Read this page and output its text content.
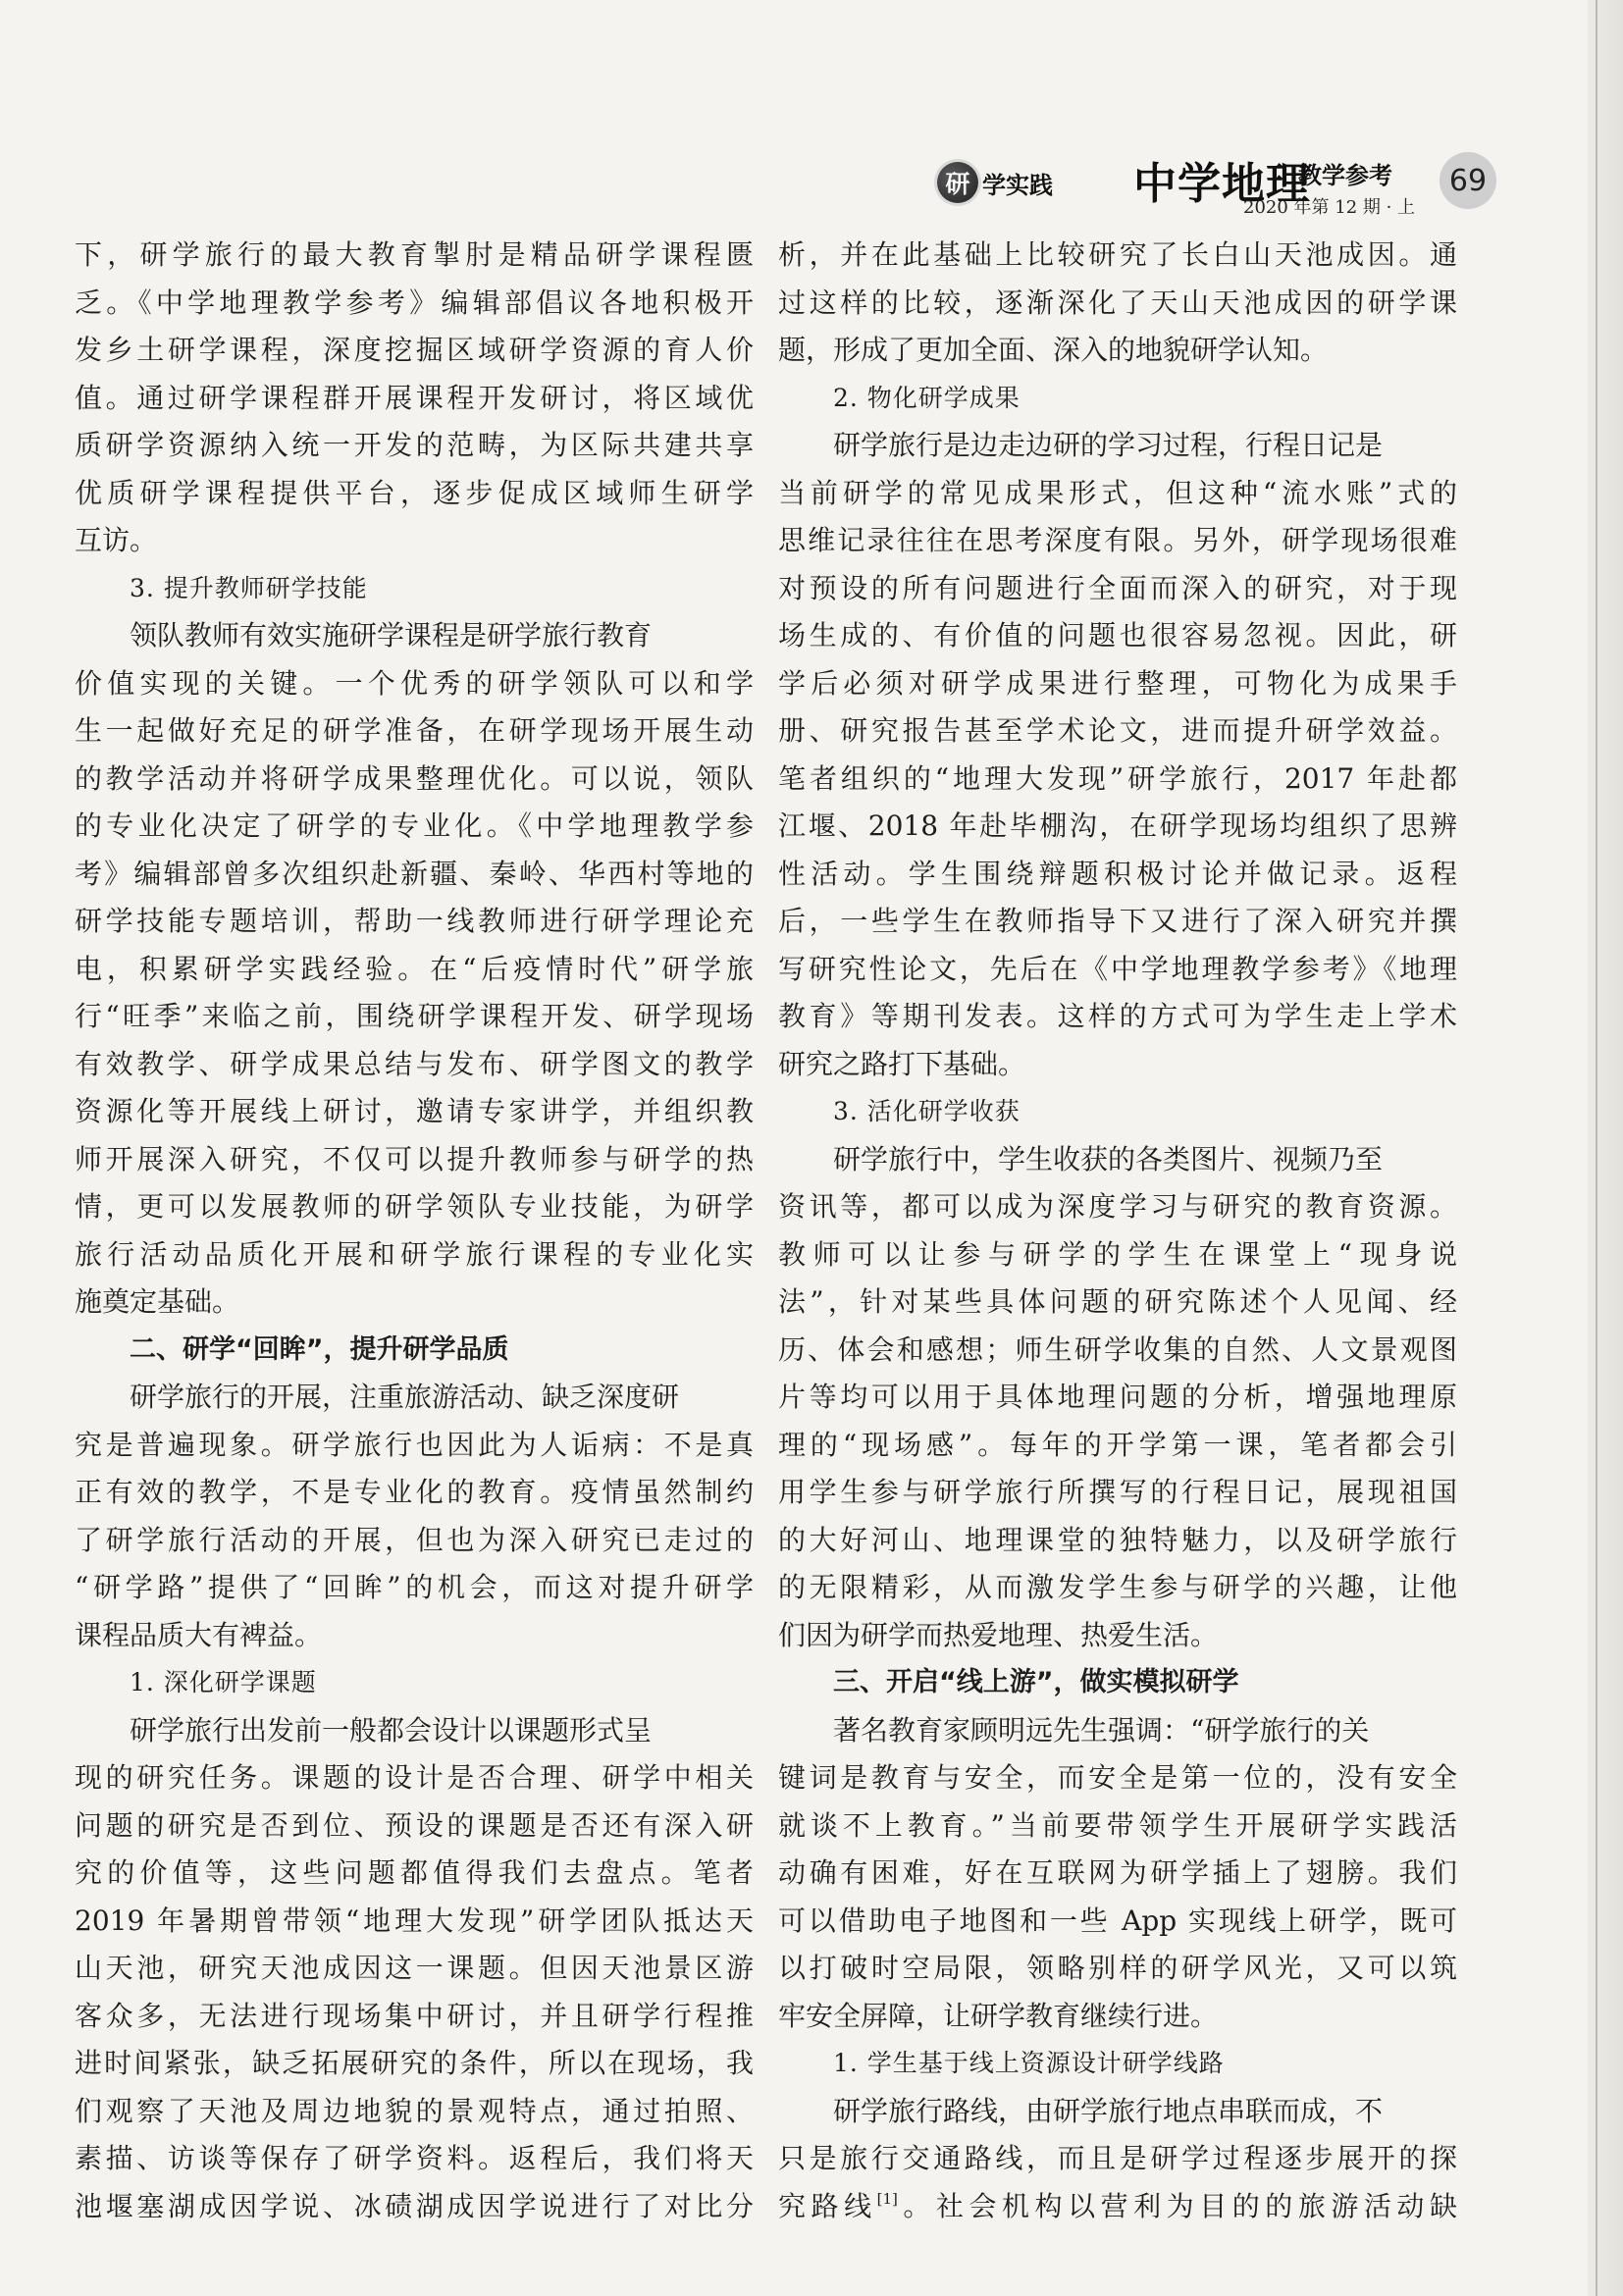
研 学实践 中学地理
教学参考
2020 年第 12 期 · 上
69
下，研学旅行的最大教育掣肘是精品研学课程匮
乏。《中学地理教学参考》编辑部倡议各地积极开
发乡土研学课程，深度挖掘区域研学资源的育人价
值。通过研学课程群开展课程开发研讨，将区域优
质研学资源纳入统一开发的范畴，为区际共建共享
优质研学课程提供平台，逐步促成区域师生研学
互访。
3. 提升教师研学技能
领队教师有效实施研学课程是研学旅行教育
价值实现的关键。一个优秀的研学领队可以和学
生一起做好充足的研学准备，在研学现场开展生动
的教学活动并将研学成果整理优化。可以说，领队
的专业化决定了研学的专业化。《中学地理教学参
考》编辑部曾多次组织赴新疆、秦岭、华西村等地的
研学技能专题培训，帮助一线教师进行研学理论充
电，积累研学实践经验。在“后疫情时代”研学旅
行“旺季”来临之前，围绕研学课程开发、研学现场
有效教学、研学成果总结与发布、研学图文的教学
资源化等开展线上研讨，邀请专家讲学，并组织教
师开展深入研究，不仅可以提升教师参与研学的热
情，更可以发展教师的研学领队专业技能，为研学
旅行活动品质化开展和研学旅行课程的专业化实
施奠定基础。
二、研学“回眸”，提升研学品质
研学旅行的开展，注重旅游活动、缺乏深度研
究是普遍现象。研学旅行也因此为人诟病：不是真
正有效的教学，不是专业化的教育。疫情虽然制约
了研学旅行活动的开展，但也为深入研究已走过的
“研学路”提供了“回眸”的机会，而这对提升研学
课程品质大有裨益。
1. 深化研学课题
研学旅行出发前一般都会设计以课题形式呈
现的研究任务。课题的设计是否合理、研学中相关
问题的研究是否到位、预设的课题是否还有深入研
究的价值等，这些问题都值得我们去盘点。笔者
2019 年暑期曾带领“地理大发现”研学团队抵达天
山天池，研究天池成因这一课题。但因天池景区游
客众多，无法进行现场集中研讨，并且研学行程推
进时间紧张，缺乏拓展研究的条件，所以在现场，我
们观察了天池及周边地貌的景观特点，通过拍照、
素描、访谈等保存了研学资料。返程后，我们将天
池堰塞湖成因学说、冰碛湖成因学说进行了对比分
析，并在此基础上比较研究了长白山天池成因。通
过这样的比较，逐渐深化了天山天池成因的研学课
题，形成了更加全面、深入的地貌研学认知。
2. 物化研学成果
研学旅行是边走边研的学习过程，行程日记是
当前研学的常见成果形式，但这种“流水账”式的
思维记录往往在思考深度有限。另外，研学现场很难
对预设的所有问题进行全面而深入的研究，对于现
场生成的、有价值的问题也很容易忽视。因此，研
学后必须对研学成果进行整理，可物化为成果手
册、研究报告甚至学术论文，进而提升研学效益。
笔者组织的“地理大发现”研学旅行，2017 年赴都
江堰、2018 年赴毕棚沟，在研学现场均组织了思辨
性活动。学生围绕辩题积极讨论并做记录。返程
后，一些学生在教师指导下又进行了深入研究并撰
写研究性论文，先后在《中学地理教学参考》《地理
教育》等期刊发表。这样的方式可为学生走上学术
研究之路打下基础。
3. 活化研学收获
研学旅行中，学生收获的各类图片、视频乃至
资讯等，都可以成为深度学习与研究的教育资源。
教师可以让参与研学的学生在课堂上“现身说
法”，针对某些具体问题的研究陈述个人见闻、经
历、体会和感想；师生研学收集的自然、人文景观图
片等均可以用于具体地理问题的分析，增强地理原
理的“现场感”。每年的开学第一课，笔者都会引
用学生参与研学旅行所撰写的行程日记，展现祖国
的大好河山、地理课堂的独特魅力，以及研学旅行
的无限精彩，从而激发学生参与研学的兴趣，让他
们因为研学而热爱地理、热爱生活。
三、开启“线上游”，做实模拟研学
著名教育家顾明远先生强调：“研学旅行的关
键词是教育与安全，而安全是第一位的，没有安全
就谈不上教育。”当前要带领学生开展研学实践活
动确有困难，好在互联网为研学插上了翅膀。我们
可以借助电子地图和一些 App 实现线上研学，既可
以打破时空局限，领略别样的研学风光，又可以筑
牢安全屏障，让研学教育继续行进。
1. 学生基于线上资源设计研学线路
研学旅行路线，由研学旅行地点串联而成，不
只是旅行交通路线，而且是研学过程逐步展开的探
究路线[1]。社会机构以营利为目的的旅游活动缺
